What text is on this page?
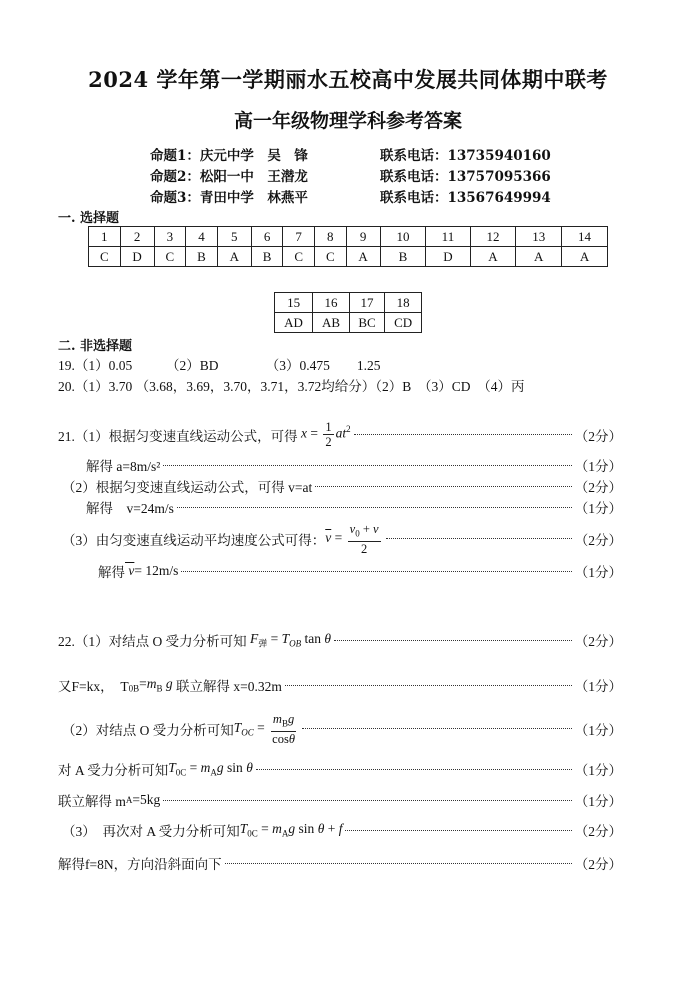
2024 学年第一学期丽水五校高中发展共同体期中联考
高一年级物理学科参考答案
命题1：庆元中学　吴　锋	联系电话：13735940160
命题2：松阳一中　王潜龙	联系电话：13757095366
命题3：青田中学　林燕平	联系电话：13567649994
一. 选择题
1	2	3	4	5	6	7	8	9	10	11	12	13	14
C	D	C	B	A	B	C	C	A	B	D	A	A	A
15	16	17	18
AD	AB	BC	CD
二. 非选择题
19.（1）0.05　　　（2）BD　　　　（3）0.475　　1.25
20.（1）3.70 （3.68，3.69，3.70，3.71，3.72均给分）（2）B　（3）CD　（4）丙
21.（1）根据匀变速直线运动公式，可得 $x = \frac{1}{2} at^2$	（2分）
解得 a=8m/s²	（1分）
（2）根据匀变速直线运动公式，可得 v=at	（2分）
解得　v=24m/s	（1分）
（3）由匀变速直线运动平均速度公式可得： $\overline{v} = \frac{v_0 + v}{2}$	（2分）
解得 v = 12m/s	（1分）
22.（1）对结点 O 受力分析可知 $F_弹 = T_{OB}$ tan θ	（2分）
又F=kx，　T $_{0B}=m_B$ g 联立解得 x=0.32m	（1分）
（2）对结点 O 受力分析可知 $T_{OC} = \frac{m_Bg}{\cos\theta}$	（1分）
对 A 受力分析可知 $T_{0C} = m_Ag$ sin θ	（1分）
联立解得 m A =5kg	（1分）
（3）　再次对 A 受力分析可知 $T_{0C} = m_Ag$ sin θ + f	（2分）
解得f=8N，方向沿斜面向下	（2分）
